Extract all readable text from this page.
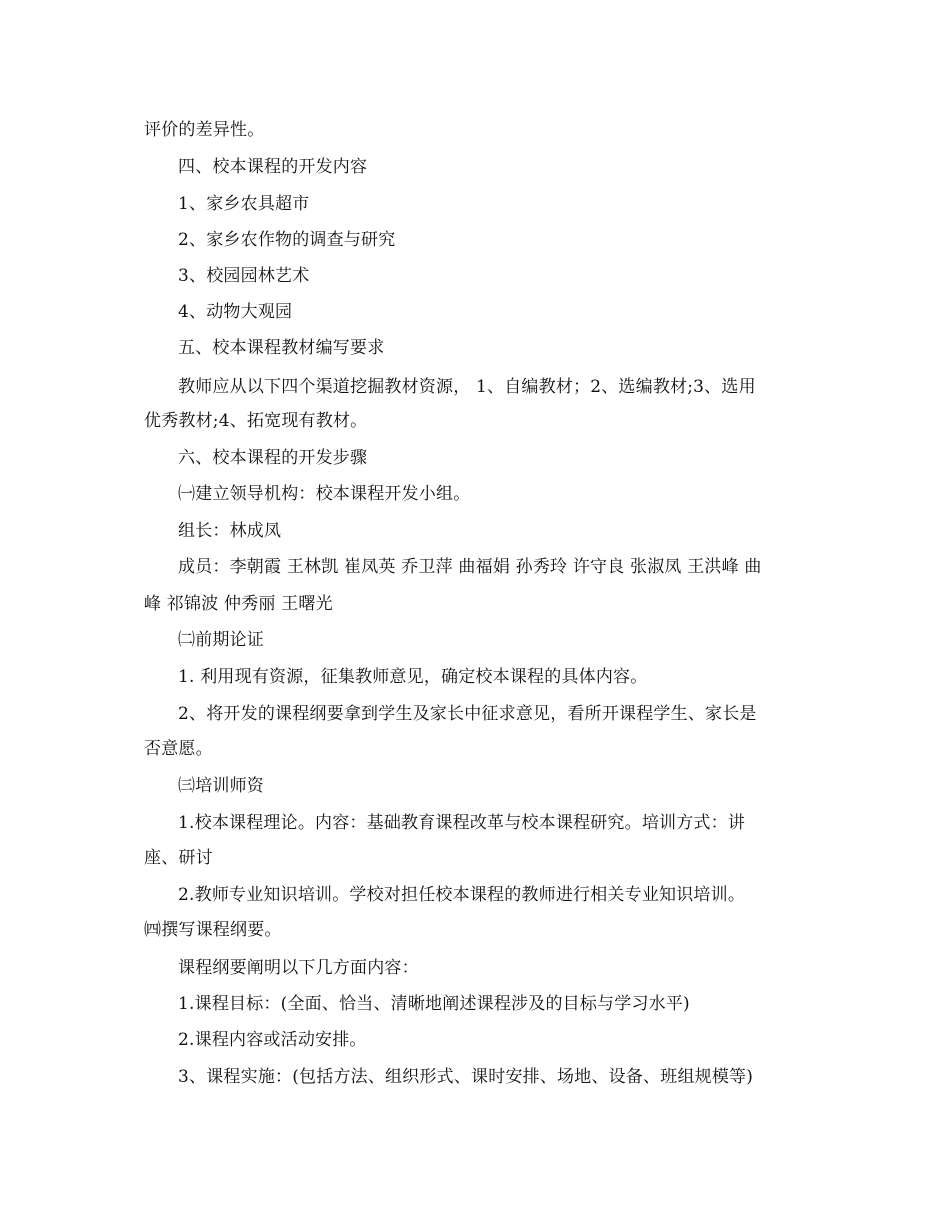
评价的差异性。
四、校本课程的开发内容
1、家乡农具超市
2、家乡农作物的调查与研究
3、校园园林艺术
4、动物大观园
五、校本课程教材编写要求
教师应从以下四个渠道挖掘教材资源， 1、自编教材；2、选编教材;3、选用
优秀教材;4、拓宽现有教材。
六、校本课程的开发步骤
㈠建立领导机构：校本课程开发小组。
组长：林成凤
成员：李朝霞 王林凯 崔凤英 乔卫萍 曲福娟 孙秀玲 许守良 张淑凤 王洪峰 曲
峰 祁锦波 仲秀丽 王曙光
㈡前期论证
1. 利用现有资源，征集教师意见，确定校本课程的具体内容。
2、将开发的课程纲要拿到学生及家长中征求意见，看所开课程学生、家长是
否意愿。
㈢培训师资
1.校本课程理论。内容：基础教育课程改革与校本课程研究。培训方式：讲
座、研讨
2.教师专业知识培训。学校对担任校本课程的教师进行相关专业知识培训。
㈣撰写课程纲要。
课程纲要阐明以下几方面内容：
1.课程目标：(全面、恰当、清晰地阐述课程涉及的目标与学习水平)
2.课程内容或活动安排。
3、课程实施：(包括方法、组织形式、课时安排、场地、设备、班组规模等)
